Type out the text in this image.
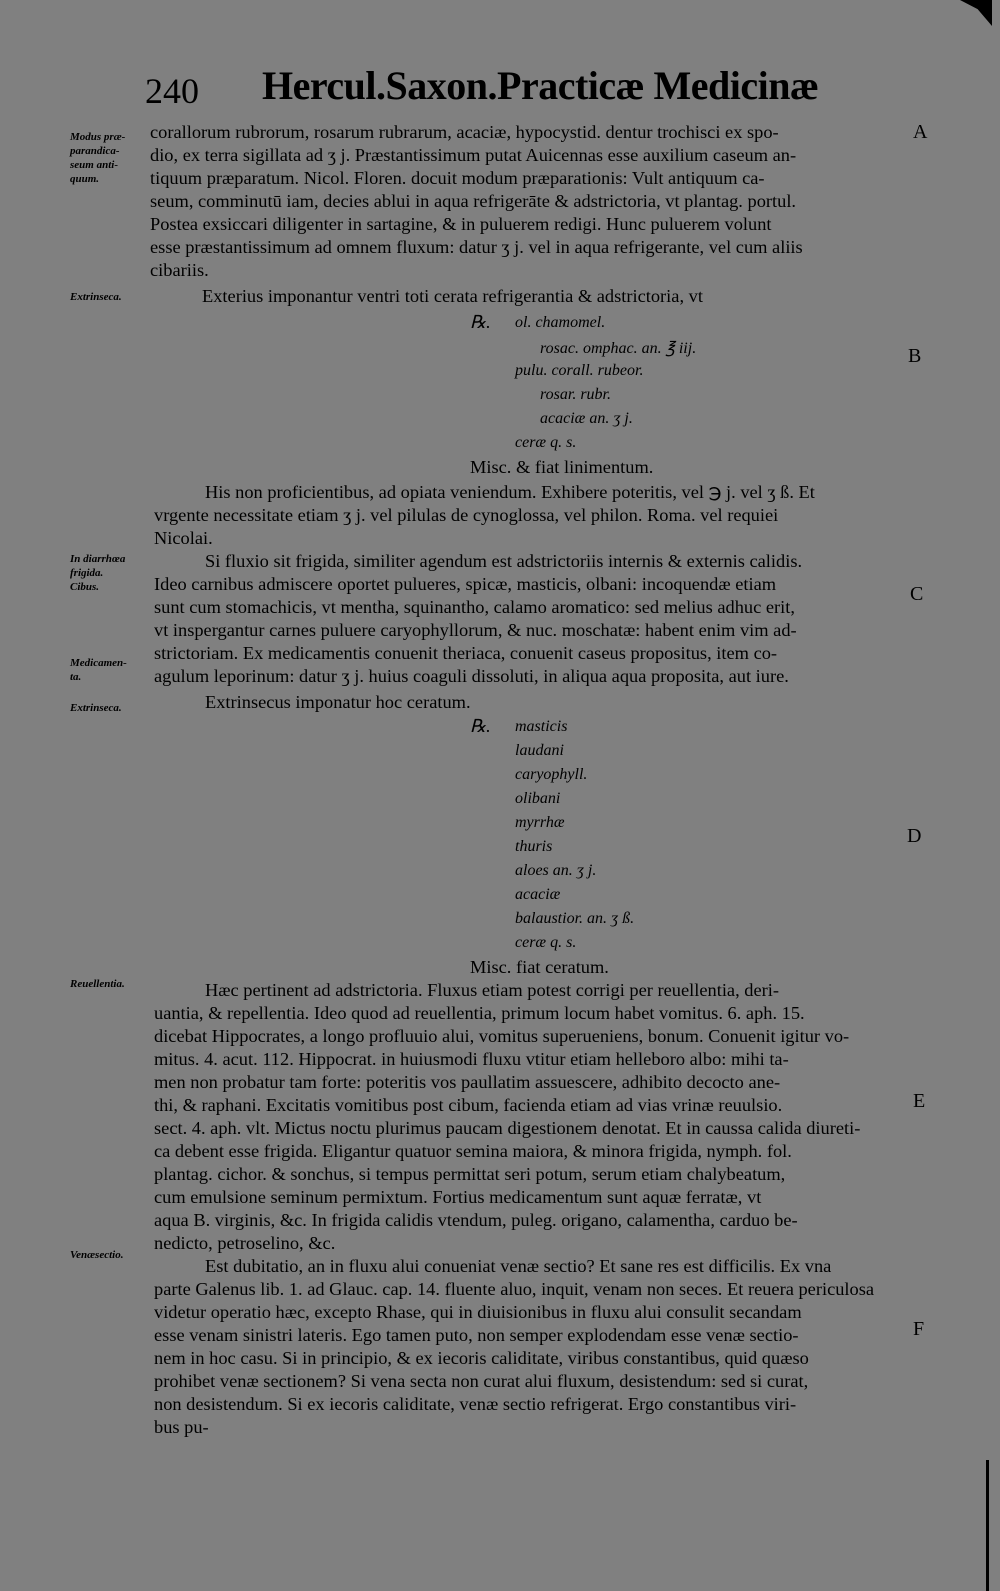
240 Hercul.Saxon.Practicæ Medicinæ
Modus præ-
parandica-
seum anti-
quum.
Extrinseca.
In diarrhœa
frigida.
Cibus.
Medicamen-
ta.
Extrinseca.
Reuellentia.
Venæsectio.
A
B
C
D
E
F
corallorum rubrorum, rosarum rubrarum, acaciæ, hypocystid. dentur trochisci ex spo-
dio, ex terra sigillata ad ʒ j. Præstantissimum putat Auicennas esse auxilium caseum an-
tiquum præparatum. Nicol. Floren. docuit modum præparationis: Vult antiquum ca-
seum, comminutū iam, decies ablui in aqua refrigerāte & adstrictoria, vt plantag. portul.
Postea exsiccari diligenter in sartagine, & in puluerem redigi. Hunc puluerem volunt
esse præstantissimum ad omnem fluxum: datur ʒ j. vel in aqua refrigerante, vel cum aliis
cibariis.
Exterius imponantur ventri toti cerata refrigerantia & adstrictoria, vt
℞. ol. chamomel.
rosac. omphac. an. ℥ iij.
pulu. corall. rubeor.
rosar. rubr.
acaciæ an. ʒ j.
ceræ q. s.
Misc. & fiat linimentum.
His non proficientibus, ad opiata veniendum. Exhibere poteritis, vel ℈ j. vel ʒ ß. Et
vrgente necessitate etiam ʒ j. vel pilulas de cynoglossa, vel philon. Roma. vel requiei
Nicolai.
Si fluxio sit frigida, similiter agendum est adstrictoriis internis & externis calidis.
Ideo carnibus admiscere oportet pulueres, spicæ, masticis, olbani: incoquendæ etiam
sunt cum stomachicis, vt mentha, squinantho, calamo aromatico: sed melius adhuc erit,
vt inspergantur carnes puluere caryophyllorum, & nuc. moschatæ: habent enim vim ad-
strictoriam. Ex medicamentis conuenit theriaca, conuenit caseus propositus, item co-
agulum leporinum: datur ʒ j. huius coaguli dissoluti, in aliqua aqua proposita, aut iure.
Extrinsecus imponatur hoc ceratum.
℞. masticis
laudani
caryophyll.
olibani
myrrhæ
thuris
aloes an. ʒ j.
acaciæ
balaustior. an. ʒ ß.
ceræ q. s.
Misc. fiat ceratum.
Hæc pertinent ad adstrictoria. Fluxus etiam potest corrigi per reuellentia, deri-
uantia, & repellentia. Ideo quod ad reuellentia, primum locum habet vomitus. 6. aph. 15.
dicebat Hippocrates, a longo profluuio alui, vomitus superueniens, bonum. Conuenit igitur vo-
mitus. 4. acut. 112. Hippocrat. in huiusmodi fluxu vtitur etiam helleboro albo: mihi ta-
men non probatur tam forte: poteritis vos paullatim assuescere, adhibito decocto ane-
thi, & raphani. Excitatis vomitibus post cibum, facienda etiam ad vias vrinæ reuulsio.
sect. 4. aph. vlt. Mictus noctu plurimus paucam digestionem denotat. Et in caussa calida diureti-
ca debent esse frigida. Eligantur quatuor semina maiora, & minora frigida, nymph. fol.
plantag. cichor. & sonchus, si tempus permittat seri potum, serum etiam chalybeatum,
cum emulsione seminum permixtum. Fortius medicamentum sunt aquæ ferratæ, vt
aqua B. virginis, &c. In frigida calidis vtendum, puleg. origano, calamentha, carduo be-
nedicto, petroselino, &c.
Est dubitatio, an in fluxu alui conueniat venæ sectio? Et sane res est difficilis. Ex vna
parte Galenus lib. 1. ad Glauc. cap. 14. fluente aluo, inquit, venam non seces. Et reuera periculosa
videtur operatio hæc, excepto Rhase, qui in diuisionibus in fluxu alui consulit secandam
esse venam sinistri lateris. Ego tamen puto, non semper explodendam esse venæ sectio-
nem in hoc casu. Si in principio, & ex iecoris caliditate, viribus constantibus, quid quæso
prohibet venæ sectionem? Si vena secta non curat alui fluxum, desistendum: sed si curat,
non desistendum. Si ex iecoris caliditate, venæ sectio refrigerat. Ergo constantibus viri-
bus pu-
